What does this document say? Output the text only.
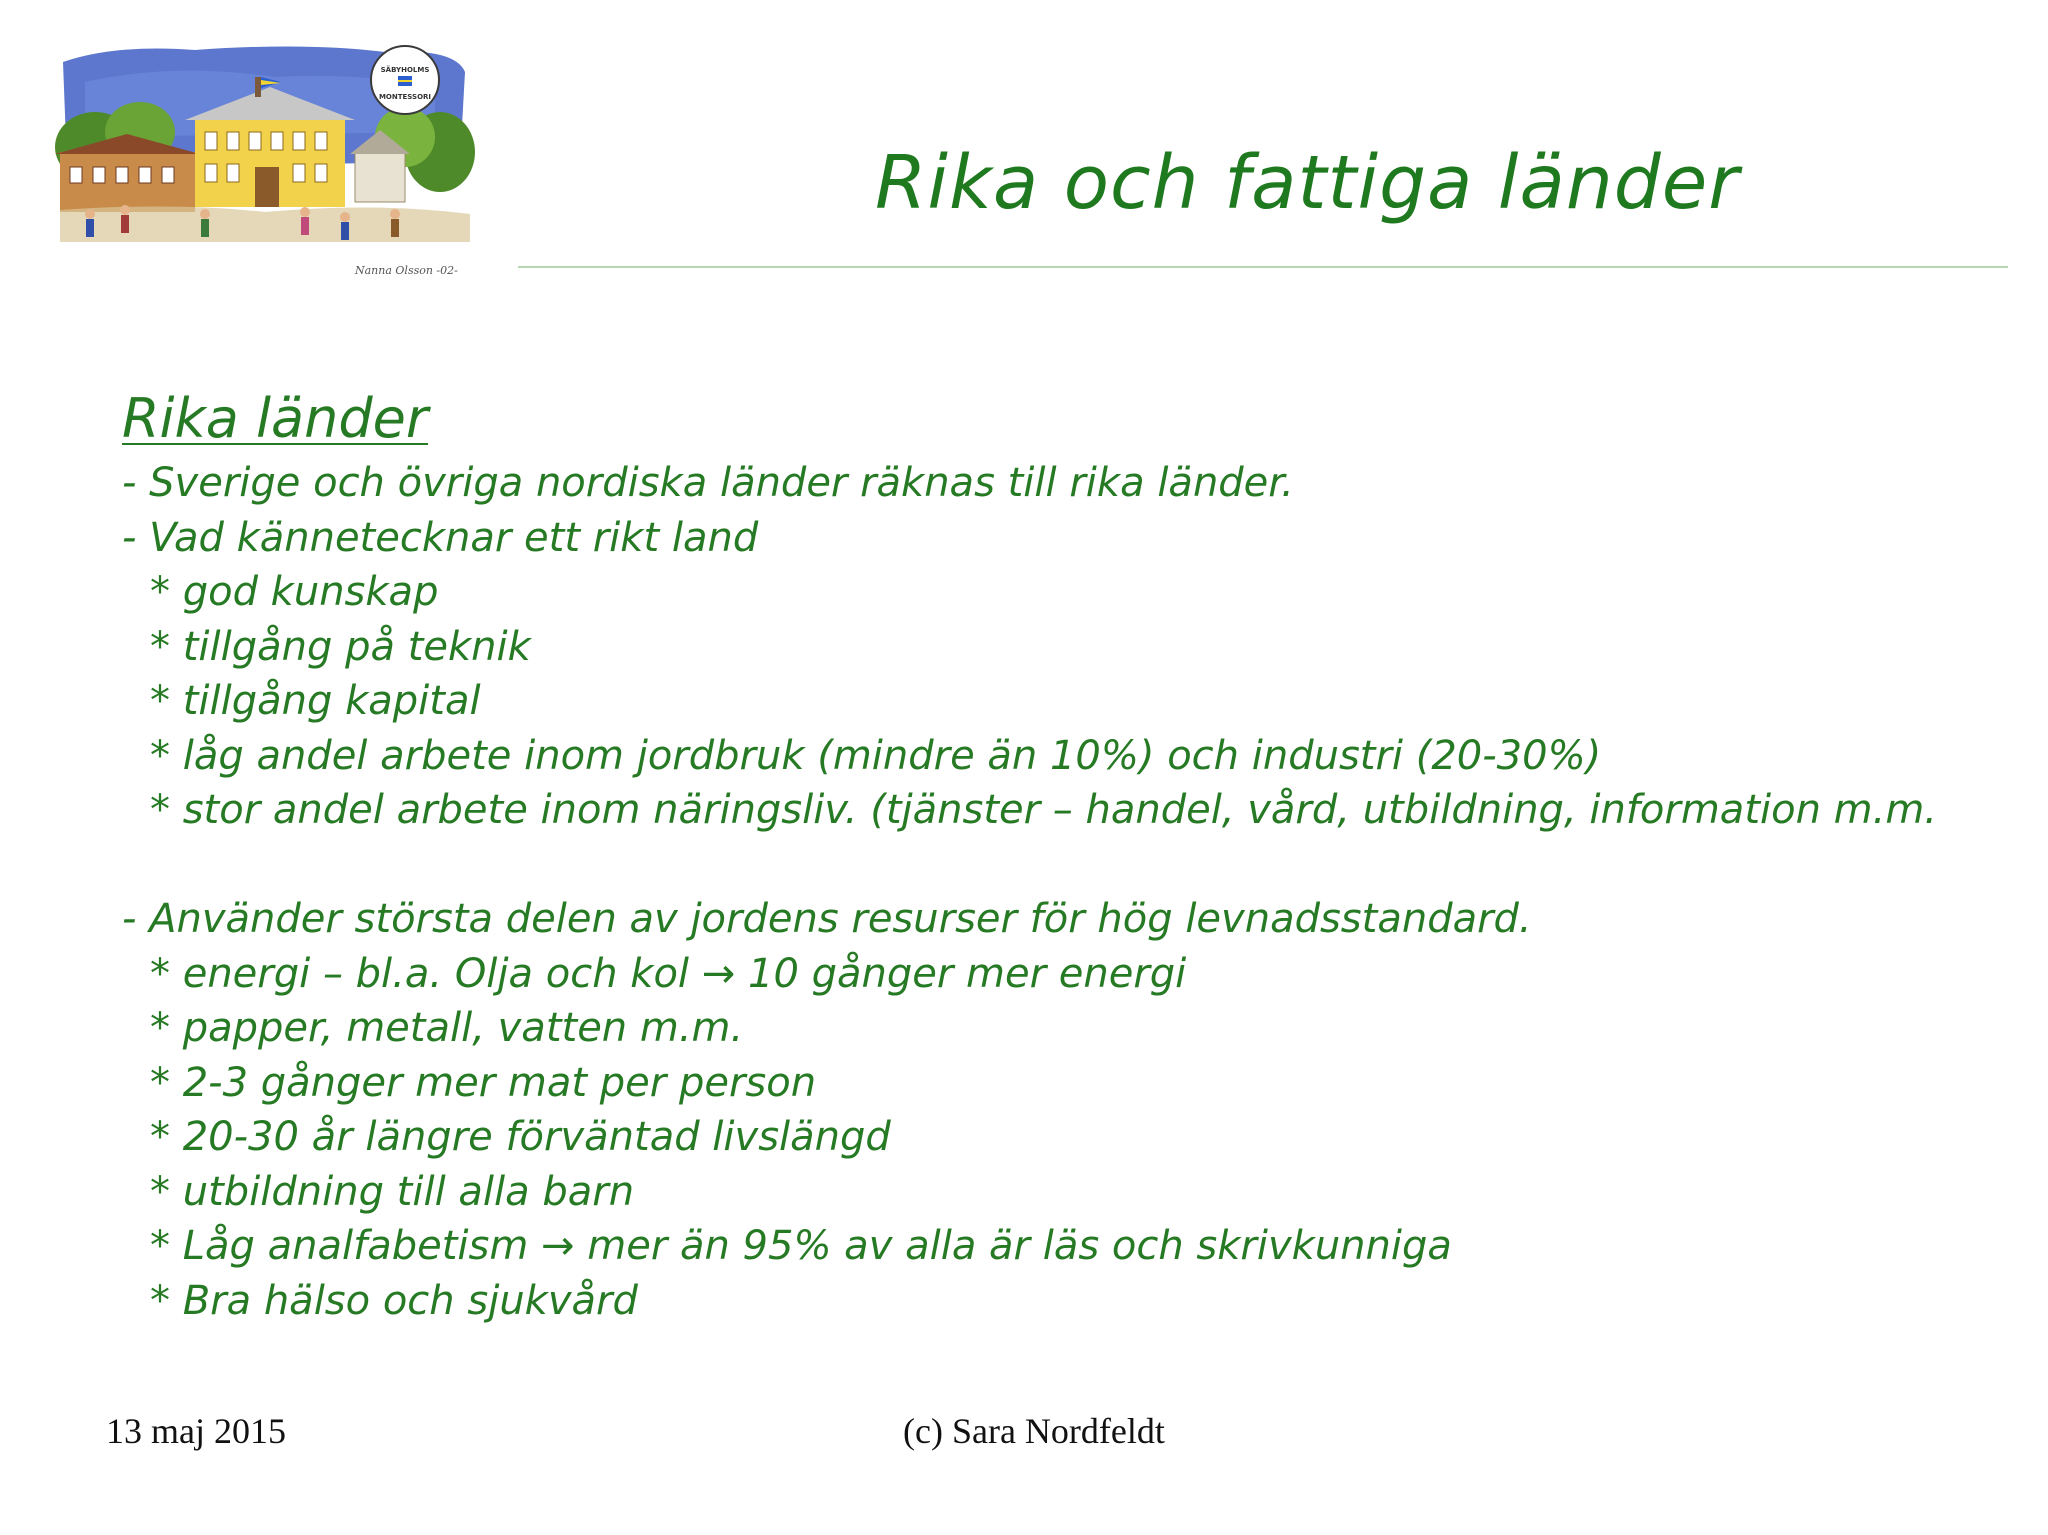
SÄBYHOLMS
MONTESSORI
Nanna Olsson -02-
Rika och fattiga länder
Rika länder
- Sverige och övriga nordiska länder räknas till rika länder.
- Vad kännetecknar ett rikt land
* god kunskap
* tillgång på teknik
* tillgång kapital
* låg andel arbete inom jordbruk (mindre än 10%) och industri (20-30%)
* stor andel arbete inom näringsliv. (tjänster – handel, vård, utbildning, information m.m.
- Använder största delen av jordens resurser för hög levnadsstandard.
* energi – bl.a. Olja och kol → 10 gånger mer energi
* papper, metall, vatten m.m.
* 2-3 gånger mer mat per person
* 20-30 år längre förväntad livslängd
* utbildning till alla barn
* Låg analfabetism → mer än 95% av alla är läs och skrivkunniga
* Bra hälso och sjukvård
13 maj 2015	(c) Sara Nordfeldt
